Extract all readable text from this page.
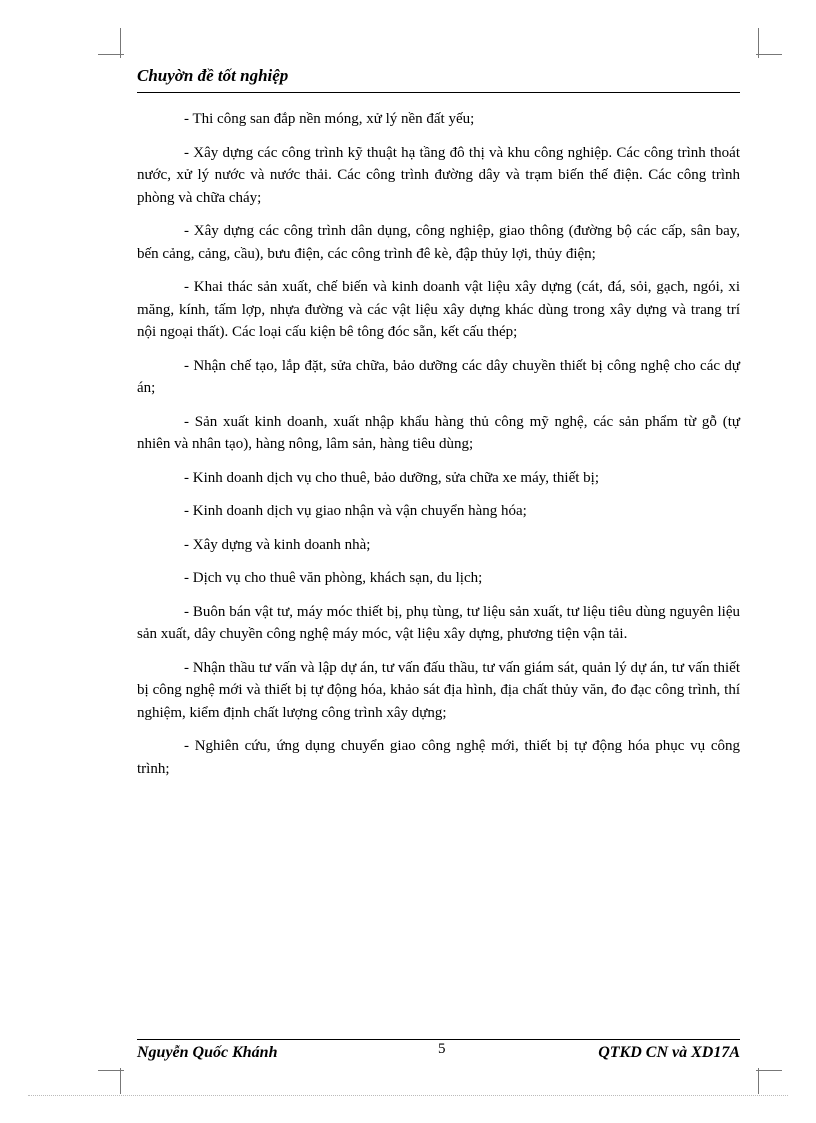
Chuyờn đề tốt nghiệp

- Thi công san đắp nền móng, xử lý nền đất yếu;

- Xây dựng các công trình kỹ thuật hạ tầng đô thị và khu công nghiệp. Các công trình thoát nước, xử lý nước và nước thải. Các công trình đường dây và trạm biến thế điện. Các công trình phòng và chữa cháy;

- Xây dựng các công trình dân dụng, công nghiệp, giao thông (đường bộ các cấp, sân bay, bến cảng, cảng, cầu), bưu điện, các công trình đê kè, đập thủy lợi, thủy điện;

- Khai thác sản xuất, chế biến và kinh doanh vật liệu xây dựng (cát, đá, sỏi, gạch, ngói, xi măng, kính, tấm lợp, nhựa đường và các vật liệu xây dựng khác dùng trong xây dựng và trang trí nội ngoại thất). Các loại cấu kiện bê tông đóc sẵn, kết cấu thép;

- Nhận chế tạo, lắp đặt, sửa chữa, bảo dưỡng các dây chuyền thiết bị công nghệ cho các dự án;

- Sản xuất kinh doanh, xuất nhập khẩu hàng thủ công mỹ nghệ, các sản phẩm từ gỗ (tự nhiên và nhân tạo), hàng nông, lâm sản, hàng tiêu dùng;

- Kinh doanh dịch vụ cho thuê, bảo dưỡng, sửa chữa xe máy, thiết bị;

- Kinh doanh dịch vụ giao nhận và vận chuyển hàng hóa;

- Xây dựng và kinh doanh nhà;

- Dịch vụ cho thuê văn phòng, khách sạn, du lịch;

- Buôn bán vật tư, máy móc thiết bị, phụ tùng, tư liệu sản xuất, tư liệu tiêu dùng nguyên liệu sản xuất, dây chuyền công nghệ máy móc, vật liệu xây dựng, phương tiện vận tải.

- Nhận thầu tư vấn và lập dự án, tư vấn đấu thầu, tư vấn giám sát, quản lý dự án, tư vấn thiết bị công nghệ mới và thiết bị tự động hóa, khảo sát địa hình, địa chất thủy văn, đo đạc công trình, thí nghiệm, kiểm định chất lượng công trình xây dựng;

- Nghiên cứu, ứng dụng chuyển giao công nghệ mới, thiết bị tự động hóa phục vụ công trình;

Nguyễn Quốc Khánh	5	QTKD CN và XD17A
